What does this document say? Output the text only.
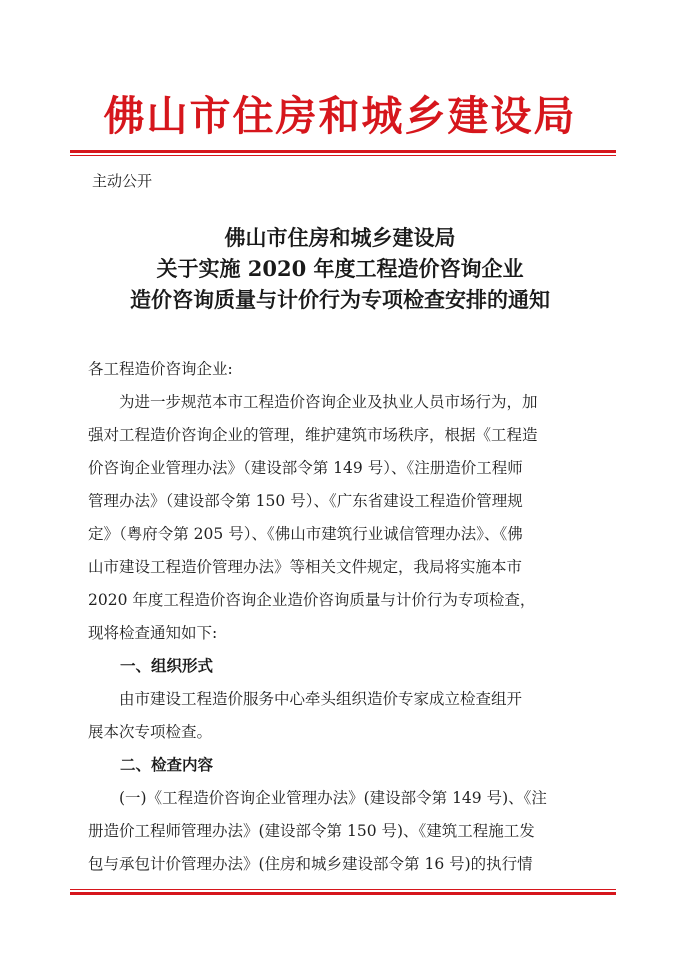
佛山市住房和城乡建设局
主动公开
佛山市住房和城乡建设局
关于实施 2020 年度工程造价咨询企业
造价咨询质量与计价行为专项检查安排的通知
各工程造价咨询企业:
为进一步规范本市工程造价咨询企业及执业人员市场行为，加
强对工程造价咨询企业的管理，维护建筑市场秩序，根据《工程造
价咨询企业管理办法》（建设部令第 149 号）、《注册造价工程师
管理办法》（建设部令第 150 号）、《广东省建设工程造价管理规
定》（粤府令第 205 号）、《佛山市建筑行业诚信管理办法》、《佛
山市建设工程造价管理办法》等相关文件规定，我局将实施本市
2020 年度工程造价咨询企业造价咨询质量与计价行为专项检查，
现将检查通知如下:
一、组织形式
由市建设工程造价服务中心牵头组织造价专家成立检查组开
展本次专项检查。
二、检查内容
(一)《工程造价咨询企业管理办法》(建设部令第 149 号)、《注
册造价工程师管理办法》(建设部令第 150 号)、《建筑工程施工发
包与承包计价管理办法》(住房和城乡建设部令第 16 号)的执行情
